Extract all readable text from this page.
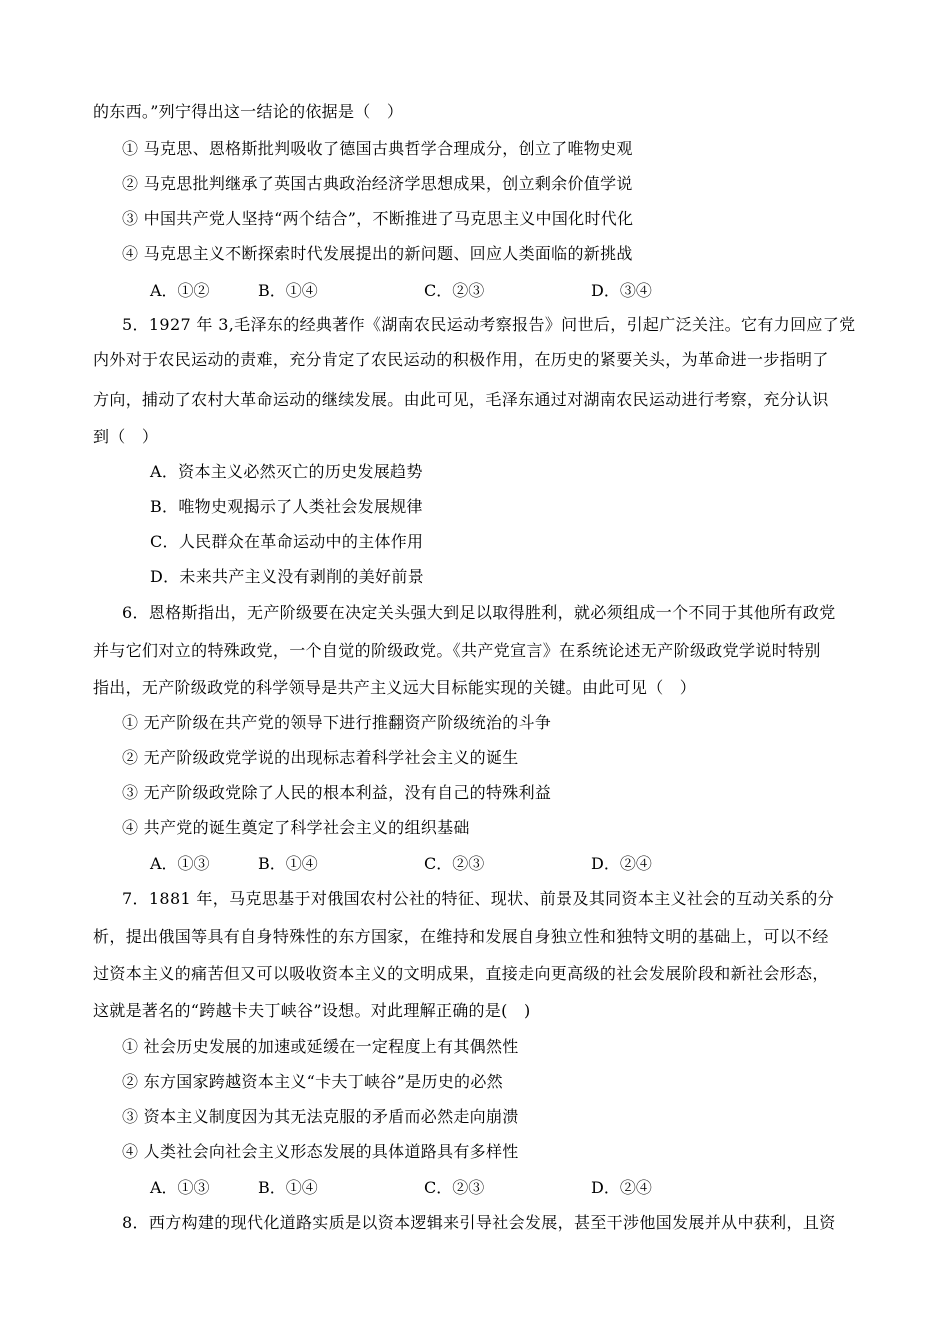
的东西。”列宁得出这一结论的依据是（　）
① 马克思、恩格斯批判吸收了德国古典哲学合理成分，创立了唯物史观
② 马克思批判继承了英国古典政治经济学思想成果，创立剩余价值学说
③ 中国共产党人坚持“两个结合”，不断推进了马克思主义中国化时代化
④ 马克思主义不断探索时代发展提出的新问题、回应人类面临的新挑战
A．①②	B．①④	C．②③	D．③④
5．1927 年 3,毛泽东的经典著作《湖南农民运动考察报告》问世后，引起广泛关注。它有力回应了党
内外对于农民运动的责难，充分肯定了农民运动的积极作用，在历史的紧要关头，为革命进一步指明了
方向，捕动了农村大革命运动的继续发展。由此可见，毛泽东通过对湖南农民运动进行考察，充分认识
到（　）
A．资本主义必然灭亡的历史发展趋势
B．唯物史观揭示了人类社会发展规律
C．人民群众在革命运动中的主体作用
D．未来共产主义没有剥削的美好前景
6．恩格斯指出，无产阶级要在决定关头强大到足以取得胜利，就必须组成一个不同于其他所有政党
并与它们对立的特殊政党，一个自觉的阶级政党。《共产党宣言》在系统论述无产阶级政党学说时特别
指出，无产阶级政党的科学领导是共产主义远大目标能实现的关键。由此可见（　）
① 无产阶级在共产党的领导下进行推翻资产阶级统治的斗争
② 无产阶级政党学说的出现标志着科学社会主义的诞生
③ 无产阶级政党除了人民的根本利益，没有自己的特殊利益
④ 共产党的诞生奠定了科学社会主义的组织基础
A．①③	B．①④	C．②③	D．②④
7．1881 年，马克思基于对俄国农村公社的特征、现状、前景及其同资本主义社会的互动关系的分
析，提出俄国等具有自身特殊性的东方国家，在维持和发展自身独立性和独特文明的基础上，可以不经
过资本主义的痛苦但又可以吸收资本主义的文明成果，直接走向更高级的社会发展阶段和新社会形态，
这就是著名的“跨越卡夫丁峡谷”设想。对此理解正确的是(　)
① 社会历史发展的加速或延缓在一定程度上有其偶然性
② 东方国家跨越资本主义“卡夫丁峡谷”是历史的必然
③ 资本主义制度因为其无法克服的矛盾而必然走向崩溃
④ 人类社会向社会主义形态发展的具体道路具有多样性
A．①③	B．①④	C．②③	D．②④
8．西方构建的现代化道路实质是以资本逻辑来引导社会发展，甚至干涉他国发展并从中获利，且资
